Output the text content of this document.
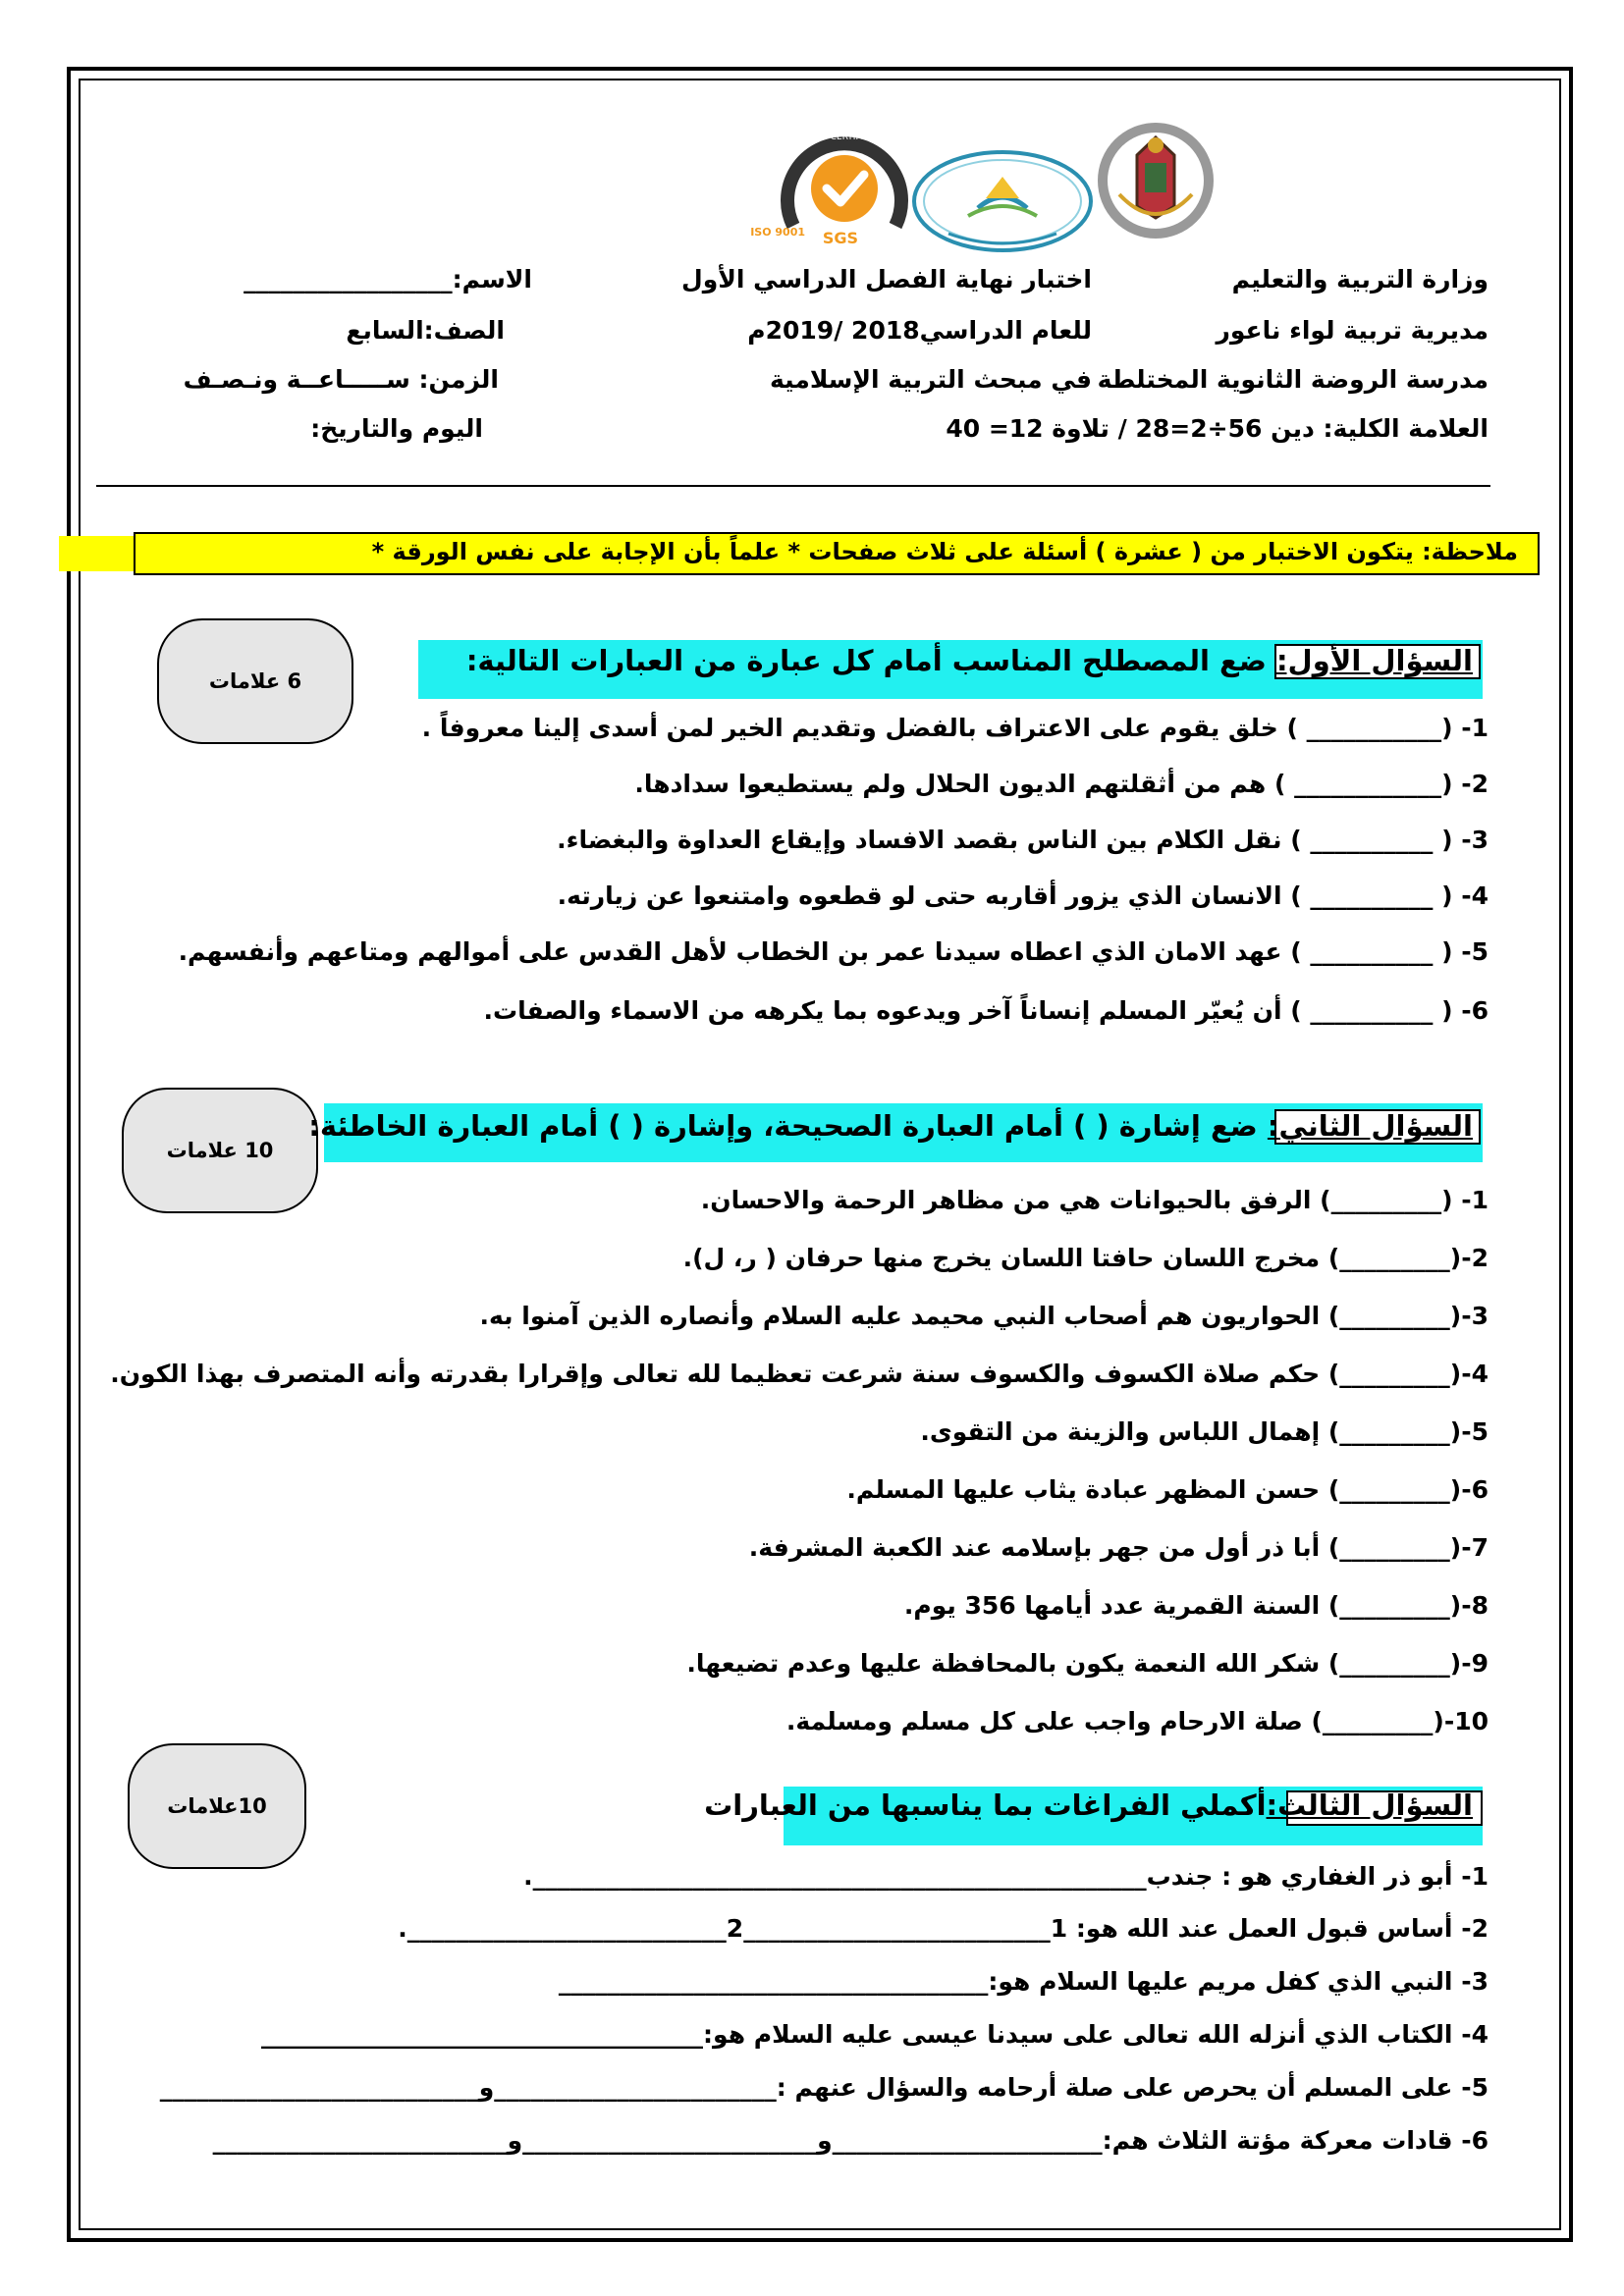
SYSTEM CERTIFICATION
ISO 9001 SGS
وزارة التربية والتعليم
مديرية تربية لواء ناعور
مدرسة الروضة الثانوية المختلطة
العلامة الكلية: دين 56÷2=28 / تلاوة 12= 40
اختبار نهاية الفصل الدراسي الأول
للعام الدراسي2018 /2019م
في مبحث التربية الإسلامية
الاسم:_________________
الصف:السابع
الزمن: ســـــاعــة ونـصـف
اليوم والتاريخ:
ملاحظة: يتكون الاختبار من ( عشرة ) أسئلة على ثلاث صفحات * علماً بأن الإجابة على نفس الورقة *
6 علامات
السؤال الأول: ضع المصطلح المناسب أمام كل عبارة من العبارات التالية:
1- (___________ ) خلق يقوم على الاعتراف بالفضل وتقديم الخير لمن أسدى إلينا معروفاً .
2- (____________ ) هم من أثقلتهم الديون الحلال ولم يستطيعوا سدادها.
3- ( __________ ) نقل الكلام بين الناس بقصد الافساد وإيقاع العداوة والبغضاء.
4- ( __________ ) الانسان الذي يزور أقاربه حتى لو قطعوه وامتنعوا عن زيارته.
5- ( __________ ) عهد الامان الذي اعطاه سيدنا عمر بن الخطاب لأهل القدس على أموالهم ومتاعهم وأنفسهم.
6- ( __________ ) أن يُعيّر المسلم إنساناً آخر ويدعوه بما يكرهه من الاسماء والصفات.
10 علامات
السؤال الثاني: ضع إشارة ( ) أمام العبارة الصحيحة، وإشارة ( ) أمام العبارة الخاطئة:
1- (_________) الرفق بالحيوانات هي من مظاهر الرحمة والاحسان.
2-(_________) مخرج اللسان حافتا اللسان يخرج منها حرفان ( ر، ل).
3-(_________) الحواريون هم أصحاب النبي محيمد عليه السلام وأنصاره الذين آمنوا به.
4-(_________) حكم صلاة الكسوف والكسوف سنة شرعت تعظيما لله تعالى وإقرارا بقدرته وأنه المتصرف بهذا الكون.
5-(_________) إهمال اللباس والزينة من التقوى.
6-(_________) حسن المظهر عبادة يثاب عليها المسلم.
7-(_________) أبا ذر أول من جهر بإسلامه عند الكعبة المشرفة.
8-(_________) السنة القمرية عدد أيامها 356 يوم.
9-(_________) شكر الله النعمة يكون بالمحافظة عليها وعدم تضيعها.
10-(_________) صلة الارحام واجب على كل مسلم ومسلمة.
10علامات	السؤال الثالث:أكملي الفراغات بما يناسبها من العبارات
1- أبو ذر الغفاري هو : جندب__________________________________________________.
2- أساس قبول العمل عند الله هو: 1_________________________2__________________________.
3- النبي الذي كفل مريم عليها السلام هو:___________________________________
4- الكتاب الذي أنزله الله تعالى على سيدنا عيسى عليه السلام هو:____________________________________
5- على المسلم أن يحرص على صلة أرحامه والسؤال عنهم :_______________________و__________________________
6- قادات معركة مؤتة الثلاث هم:______________________و________________________و________________________
